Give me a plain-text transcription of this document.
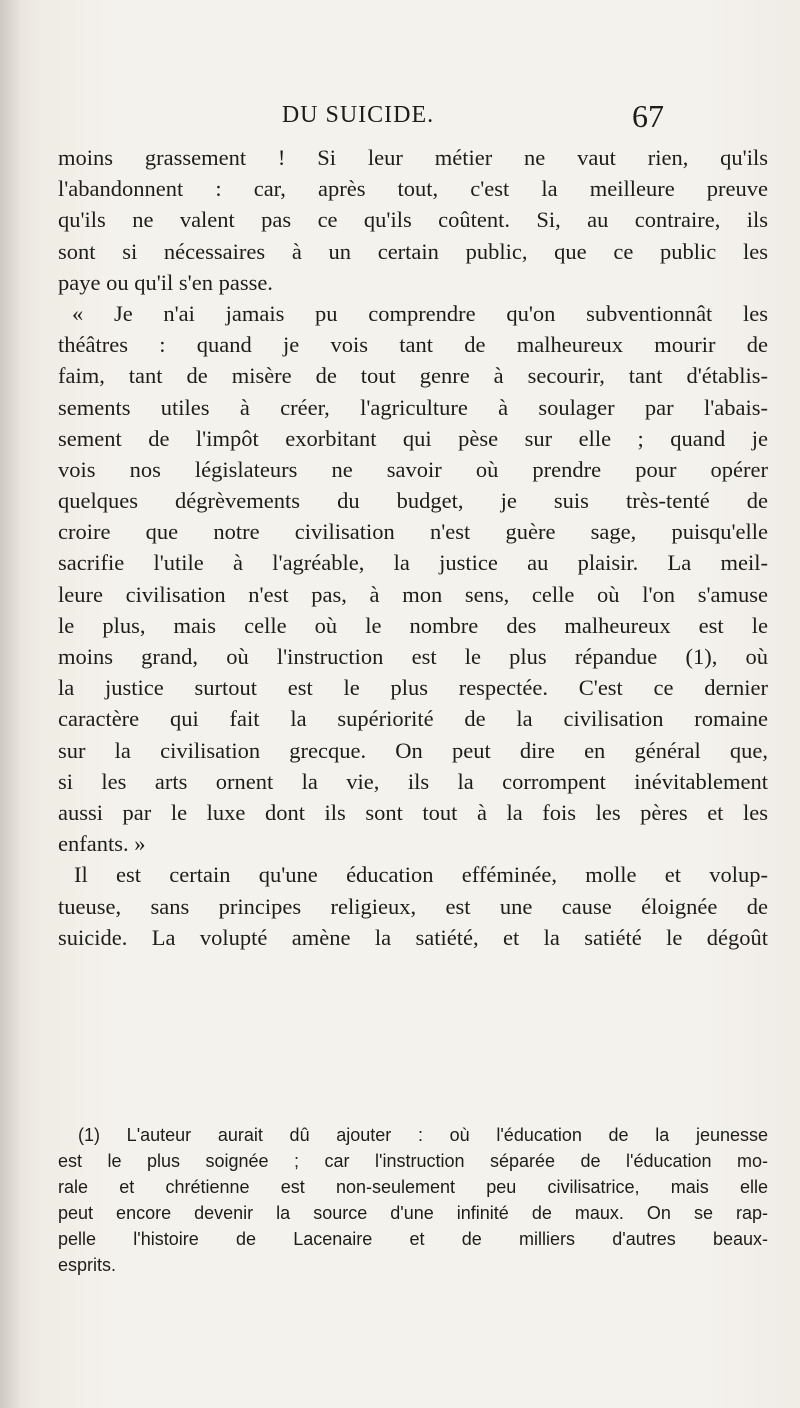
DU SUICIDE.	67
moins grassement ! Si leur métier ne vaut rien, qu'ils
l'abandonnent : car, après tout, c'est la meilleure preuve
qu'ils ne valent pas ce qu'ils coûtent. Si, au contraire, ils
sont si nécessaires à un certain public, que ce public les
paye ou qu'il s'en passe.
« Je n'ai jamais pu comprendre qu'on subventionnât les
théâtres : quand je vois tant de malheureux mourir de
faim, tant de misère de tout genre à secourir, tant d'établis-
sements utiles à créer, l'agriculture à soulager par l'abais-
sement de l'impôt exorbitant qui pèse sur elle ; quand je
vois nos législateurs ne savoir où prendre pour opérer
quelques dégrèvements du budget, je suis très-tenté de
croire que notre civilisation n'est guère sage, puisqu'elle
sacrifie l'utile à l'agréable, la justice au plaisir. La meil-
leure civilisation n'est pas, à mon sens, celle où l'on s'amuse
le plus, mais celle où le nombre des malheureux est le
moins grand, où l'instruction est le plus répandue (1), où
la justice surtout est le plus respectée. C'est ce dernier
caractère qui fait la supériorité de la civilisation romaine
sur la civilisation grecque. On peut dire en général que,
si les arts ornent la vie, ils la corrompent inévitablement
aussi par le luxe dont ils sont tout à la fois les pères et les
enfants. »
Il est certain qu'une éducation efféminée, molle et volup-
tueuse, sans principes religieux, est une cause éloignée de
suicide. La volupté amène la satiété, et la satiété le dégoût
(1) L'auteur aurait dû ajouter : où l'éducation de la jeunesse
est le plus soignée ; car l'instruction séparée de l'éducation mo-
rale et chrétienne est non-seulement peu civilisatrice, mais elle
peut encore devenir la source d'une infinité de maux. On se rap-
pelle l'histoire de Lacenaire et de milliers d'autres beaux-
esprits.
